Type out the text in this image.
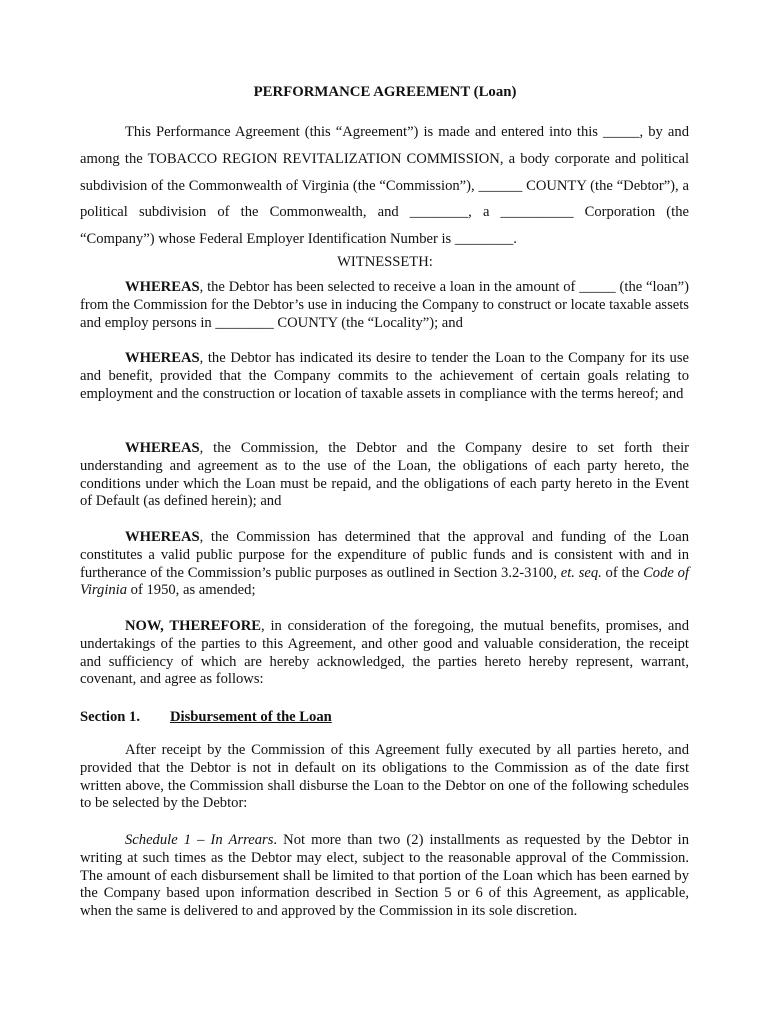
PERFORMANCE AGREEMENT (Loan)
This Performance Agreement (this “Agreement”) is made and entered into this _____, by and among the TOBACCO REGION REVITALIZATION COMMISSION, a body corporate and political subdivision of the Commonwealth of Virginia (the “Commission”), ______ COUNTY (the “Debtor”), a political subdivision of the Commonwealth, and ________, a __________ Corporation (the “Company”) whose Federal Employer Identification Number is ________.
WITNESSETH:

WHEREAS, the Debtor has been selected to receive a loan in the amount of _____ (the “loan”) from the Commission for the Debtor’s use in inducing the Company to construct or locate taxable assets and employ persons in ________ COUNTY (the “Locality”); and

WHEREAS, the Debtor has indicated its desire to tender the Loan to the Company for its use and benefit, provided that the Company commits to the achievement of certain goals relating to employment and the construction or location of taxable assets in compliance with the terms hereof; and

WHEREAS, the Commission, the Debtor and the Company desire to set forth their understanding and agreement as to the use of the Loan, the obligations of each party hereto, the conditions under which the Loan must be repaid, and the obligations of each party hereto in the Event of Default (as defined herein); and

WHEREAS, the Commission has determined that the approval and funding of the Loan constitutes a valid public purpose for the expenditure of public funds and is consistent with and in furtherance of the Commission’s public purposes as outlined in Section 3.2-3100, et. seq. of the Code of Virginia of 1950, as amended;

NOW, THEREFORE, in consideration of the foregoing, the mutual benefits, promises, and undertakings of the parties to this Agreement, and other good and valuable consideration, the receipt and sufficiency of which are hereby acknowledged, the parties hereto hereby represent, warrant, covenant, and agree as follows:

Section 1. Disbursement of the Loan

After receipt by the Commission of this Agreement fully executed by all parties hereto, and provided that the Debtor is not in default on its obligations to the Commission as of the date first written above, the Commission shall disburse the Loan to the Debtor on one of the following schedules to be selected by the Debtor:

Schedule 1 – In Arrears. Not more than two (2) installments as requested by the Debtor in writing at such times as the Debtor may elect, subject to the reasonable approval of the Commission. The amount of each disbursement shall be limited to that portion of the Loan which has been earned by the Company based upon information described in Section 5 or 6 of this Agreement, as applicable, when the same is delivered to and approved by the Commission in its sole discretion.
